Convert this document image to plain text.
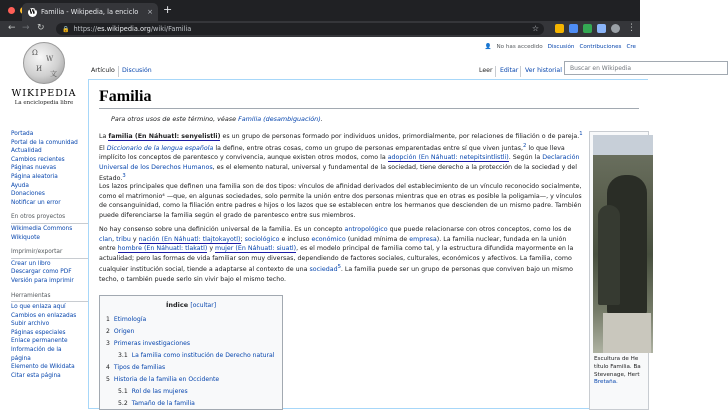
W Familia - Wikipedia, la enciclo	× +
← → ↻	🔒 https://es.wikipedia.org/wiki/Familia	☆	⋮
Ω
W
И
文
WIKIPEDIA
La enciclopedia libre
👤 No has accedido Discusión Contribuciones Cre
Artículo	Discusión	Leer	Editar	Ver historial	Buscar en Wikipedia
Portada
Portal de la comunidad
Actualidad
Cambios recientes
Páginas nuevas
Página aleatoria
Ayuda
Donaciones
Notificar un error
En otros proyectos
Wikimedia Commons
Wikiquote
Imprimir/exportar
Crear un libro
Descargar como PDF
Versión para imprimir
Herramientas
Lo que enlaza aquí
Cambios en enlazadas
Subir archivo
Páginas especiales
Enlace permanente
Información de la
página
Elemento de Wikidata
Citar esta página
Familia
Para otros usos de este término, véase Familia (desambiguación).

La familia (En Náhuatl: senyelistli) es un grupo de personas formado por individuos unidos, primordialmente, por relaciones de filiación o de pareja.$^1$ El Diccionario de la lengua española la define, entre otras cosas, como un grupo de personas emparentadas entre sí que viven juntas,$^2$ lo que lleva implícito los conceptos de parentesco y convivencia, aunque existen otros modos, como la adopción (En Náhuatl: netepitsintlistli). Según la Declaración Universal de los Derechos Humanos, es el elemento natural, universal y fundamental de la sociedad, tiene derecho a la protección de la sociedad y del Estado.$^3$

Los lazos principales que definen una familia son de dos tipos: vínculos de afinidad derivados del establecimiento de un vínculo reconocido socialmente, como el matrimonio⁴ —que, en algunas sociedades, solo permite la unión entre dos personas mientras que en otras es posible la poligamia—, y vínculos de consanguinidad, como la filiación entre padres e hijos o los lazos que se establecen entre los hermanos que descienden de un mismo padre. También puede diferenciarse la familia según el grado de parentesco entre sus miembros.

No hay consenso sobre una definición universal de la familia. Es un concepto antropológico que puede relacionarse con otros conceptos, como los de clan, tribu y nación (En Náhuatl: tlajtokayotl); sociológico e incluso económico (unidad mínima de empresa). La familia nuclear, fundada en la unión entre hombre (En Náhuatl: tlakatl) y mujer (En Náhuatl: siuatl), es el modelo principal de familia como tal, y la estructura difundida mayormente en la actualidad; pero las formas de vida familiar son muy diversas, dependiendo de factores sociales, culturales, económicos y afectivos. La familia, como cualquier institución social, tiende a adaptarse al contexto de una sociedad$^5$. La familia puede ser un grupo de personas que conviven bajo un mismo techo, o también puede serlo sin vivir bajo el mismo techo.

Índice [ocultar]
1 Etimología
2 Origen
3 Primeras investigaciones
3.1 La familia como institución de Derecho natural
4 Tipos de familias
5 Historia de la familia en Occidente
5.1 Rol de las mujeres
5.2 Tamaño de la familia
Escultura de He
título Familia. Ba
Stevenage, Hert
Bretaña.
